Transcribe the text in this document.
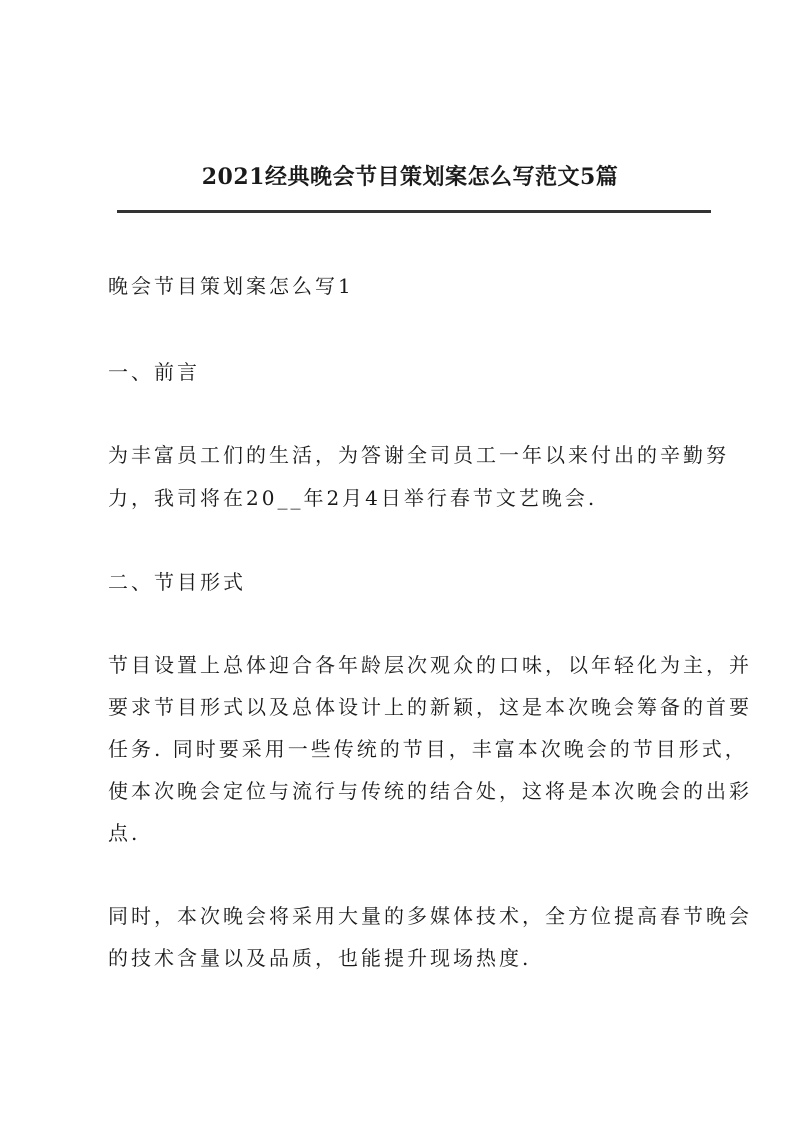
2021经典晚会节目策划案怎么写范文5篇
晚会节目策划案怎么写1
一、前言
为丰富员工们的生活，为答谢全司员工一年以来付出的辛勤努
力，我司将在20__年2月4日举行春节文艺晚会.
二、节目形式
节目设置上总体迎合各年龄层次观众的口味，以年轻化为主，并
要求节目形式以及总体设计上的新颖，这是本次晚会筹备的首要
任务. 同时要采用一些传统的节目，丰富本次晚会的节目形式，
使本次晚会定位与流行与传统的结合处，这将是本次晚会的出彩
点.
同时，本次晚会将采用大量的多媒体技术，全方位提高春节晚会
的技术含量以及品质，也能提升现场热度.
